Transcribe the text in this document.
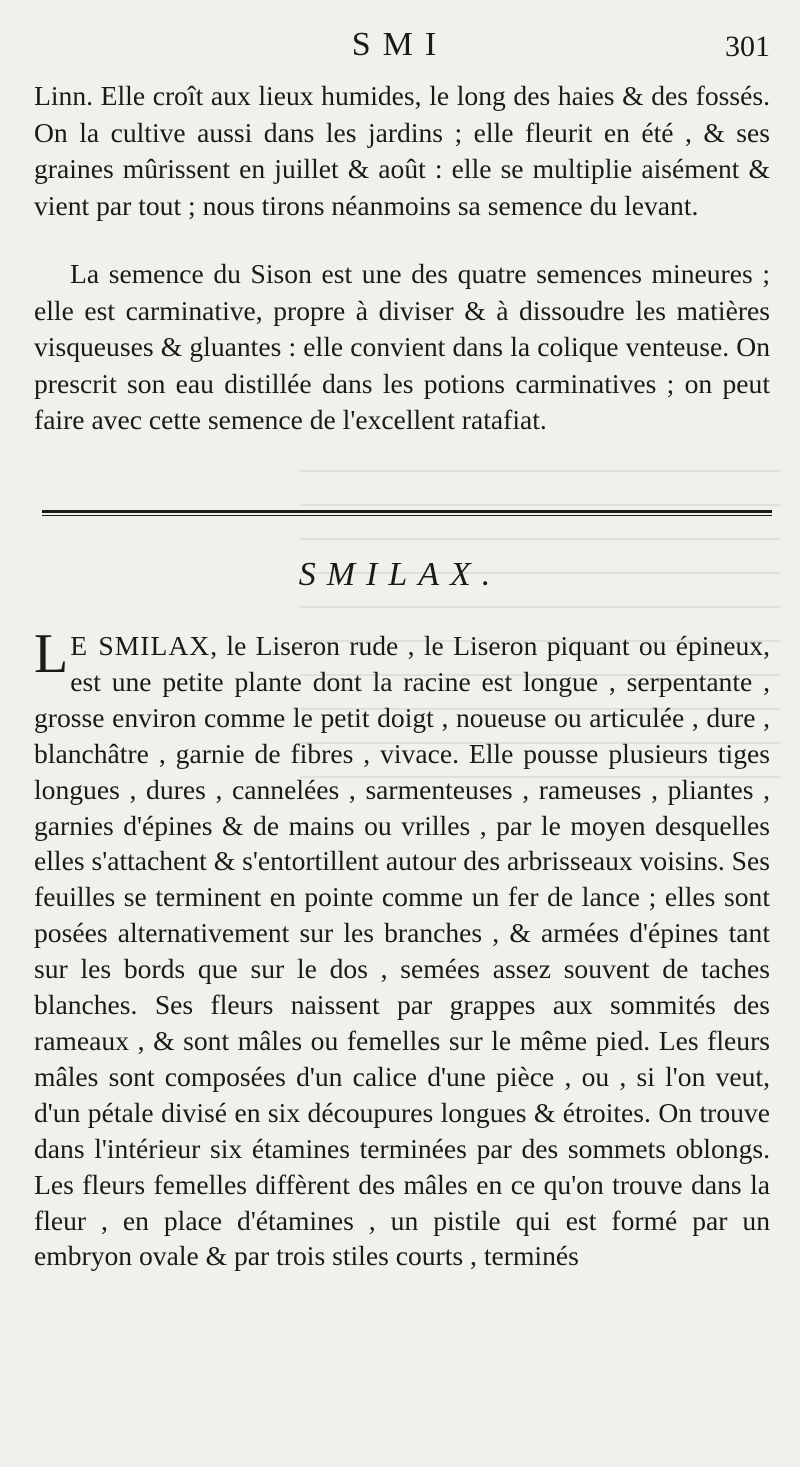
SMI	301

Linn. Elle croît aux lieux humides, le long des haies & des fossés. On la cultive aussi dans les jardins ; elle fleurit en été , & ses graines mûrissent en juillet & août : elle se multiplie aisément & vient par tout ; nous tirons néanmoins sa semence du levant.

La semence du Sison est une des quatre semences mineures ; elle est carminative, propre à diviser & à dissoudre les matières visqueuses & gluantes : elle convient dans la colique venteuse. On prescrit son eau distillée dans les potions carminatives ; on peut faire avec cette semence de l'excellent ratafiat.

SMILAX.

L E SMILAX, le Liseron rude , le Liseron piquant ou épineux, est une petite plante dont la racine est longue , serpentante , grosse environ comme le petit doigt , noueuse ou articulée , dure , blanchâtre , garnie de fibres , vivace. Elle pousse plusieurs tiges longues , dures , cannelées , sarmenteuses , rameuses , pliantes , garnies d'épines & de mains ou vrilles , par le moyen desquelles elles s'attachent & s'entortillent autour des arbrisseaux voisins. Ses feuilles se terminent en pointe comme un fer de lance ; elles sont posées alternativement sur les branches , & armées d'épines tant sur les bords que sur le dos , semées assez souvent de taches blanches. Ses fleurs naissent par grappes aux sommités des rameaux , & sont mâles ou femelles sur le même pied. Les fleurs mâles sont composées d'un calice d'une pièce , ou , si l'on veut, d'un pétale divisé en six découpures longues & étroites. On trouve dans l'intérieur six étamines terminées par des sommets oblongs. Les fleurs femelles diffèrent des mâles en ce qu'on trouve dans la fleur , en place d'étamines , un pistile qui est formé par un embryon ovale & par trois stiles courts , terminés
